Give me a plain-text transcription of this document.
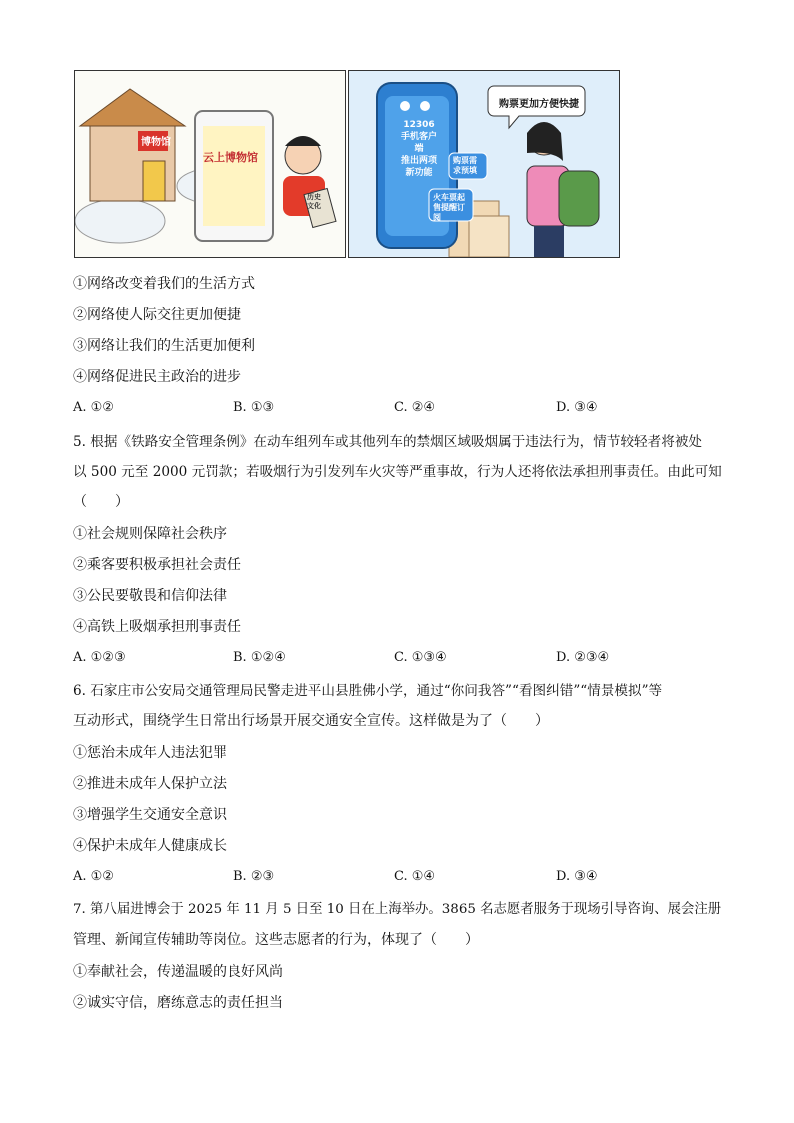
博物馆
云上博物馆
历史文化
12306
手机客户端
推出两项
新功能
购票需求预填
火车票起售提醒订阅
购票更加方便快捷
①网络改变着我们的生活方式
②网络使人际交往更加便捷
③网络让我们的生活更加便利
④网络促进民主政治的进步
A. ①②	B. ①③	C. ②④	D. ③④
5. 根据《铁路安全管理条例》在动车组列车或其他列车的禁烟区域吸烟属于违法行为，情节较轻者将被处
以 500 元至 2000 元罚款；若吸烟行为引发列车火灾等严重事故，行为人还将依法承担刑事责任。由此可知
（　　）
①社会规则保障社会秩序
②乘客要积极承担社会责任
③公民要敬畏和信仰法律
④高铁上吸烟承担刑事责任
A. ①②③	B. ①②④	C. ①③④	D. ②③④
6. 石家庄市公安局交通管理局民警走进平山县胜佛小学，通过“你问我答”“看图纠错”“情景模拟”等
互动形式，围绕学生日常出行场景开展交通安全宣传。这样做是为了（　　）
①惩治未成年人违法犯罪
②推进未成年人保护立法
③增强学生交通安全意识
④保护未成年人健康成长
A. ①②	B. ②③	C. ①④	D. ③④
7. 第八届进博会于 2025 年 11 月 5 日至 10 日在上海举办。3865 名志愿者服务于现场引导咨询、展会注册
管理、新闻宣传辅助等岗位。这些志愿者的行为，体现了（　　）
①奉献社会，传递温暖的良好风尚
②诚实守信，磨练意志的责任担当
